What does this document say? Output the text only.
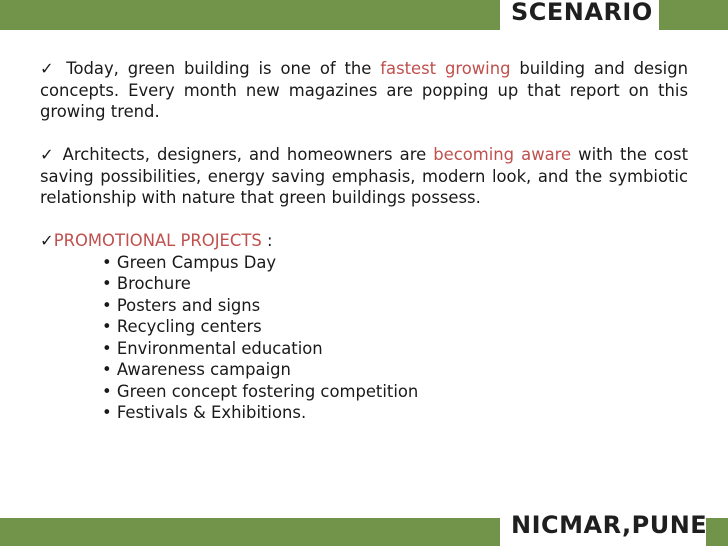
SCENARIO

✓ Today, green building is one of the fastest growing building and design concepts. Every month new magazines are popping up that report on this growing trend.

✓ Architects, designers, and homeowners are becoming aware with the cost saving possibilities, energy saving emphasis, modern look, and the symbiotic relationship with nature that green buildings possess.

✓PROMOTIONAL PROJECTS :

• Green Campus Day
• Brochure
• Posters and signs
• Recycling centers
• Environmental education
• Awareness campaign
• Green concept fostering competition
• Festivals & Exhibitions.
NICMAR,PUNE
